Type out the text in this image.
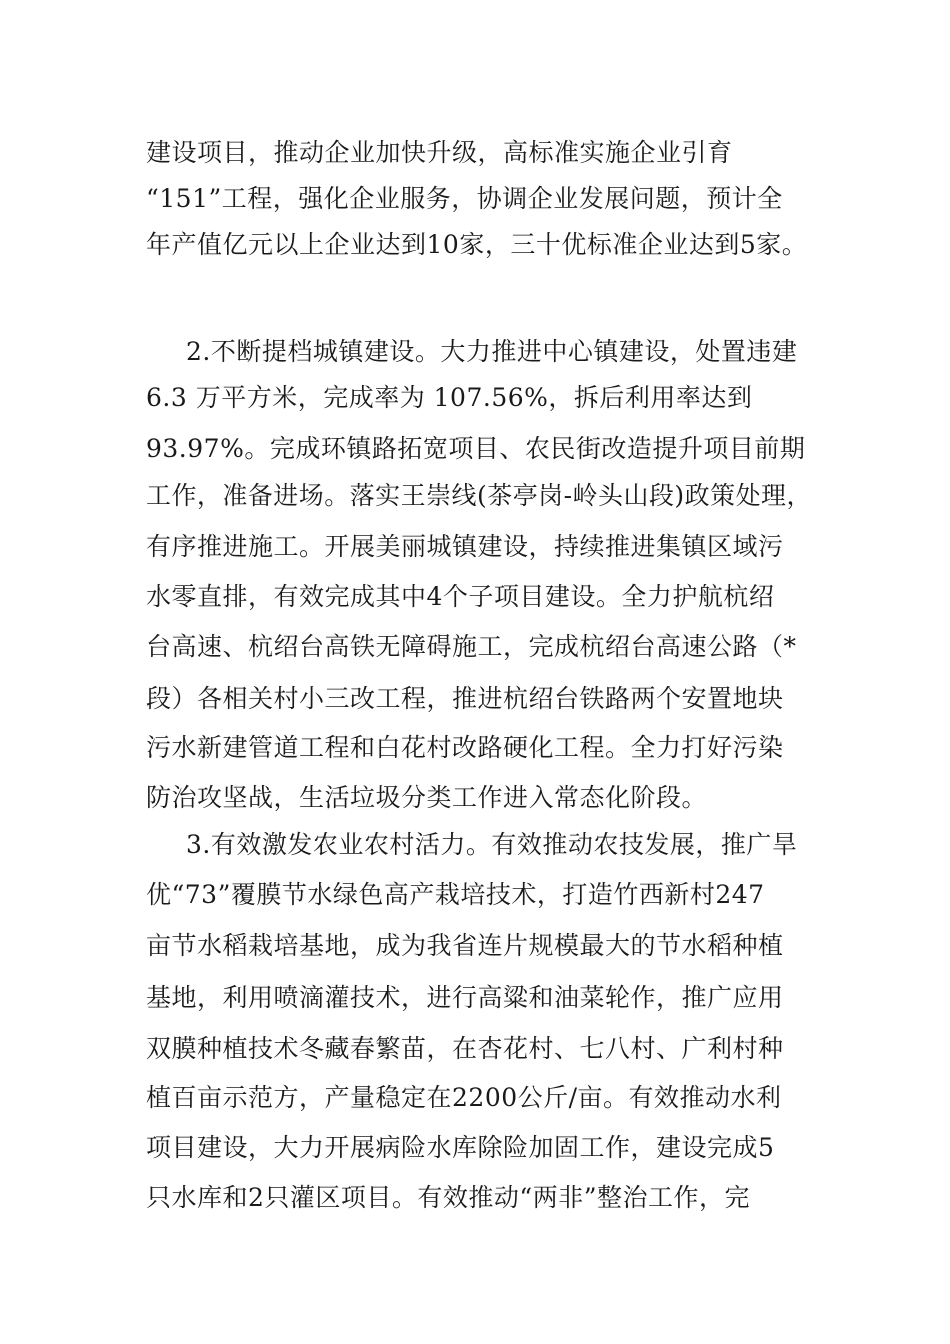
建设项目，推动企业加快升级，高标准实施企业引育
“151”工程，强化企业服务，协调企业发展问题，预计全
年产值亿元以上企业达到10家，三十优标准企业达到5家。
2.不断提档城镇建设。大力推进中心镇建设，处置违建
6.3 万平方米，完成率为 107.56%，拆后利用率达到
93.97%。完成环镇路拓宽项目、农民街改造提升项目前期
工作，准备进场。落实王崇线(茶亭岗-岭头山段)政策处理，
有序推进施工。开展美丽城镇建设，持续推进集镇区域污
水零直排，有效完成其中4个子项目建设。全力护航杭绍
台高速、杭绍台高铁无障碍施工，完成杭绍台高速公路（*
段）各相关村小三改工程，推进杭绍台铁路两个安置地块
污水新建管道工程和白花村改路硬化工程。全力打好污染
防治攻坚战，生活垃圾分类工作进入常态化阶段。
3.有效激发农业农村活力。有效推动农技发展，推广旱
优“73”覆膜节水绿色高产栽培技术，打造竹西新村247
亩节水稻栽培基地，成为我省连片规模最大的节水稻种植
基地，利用喷滴灌技术，进行高粱和油菜轮作，推广应用
双膜种植技术冬藏春繁苗，在杏花村、七八村、广利村种
植百亩示范方，产量稳定在2200公斤/亩。有效推动水利
项目建设，大力开展病险水库除险加固工作，建设完成5
只水库和2只灌区项目。有效推动“两非”整治工作，完
